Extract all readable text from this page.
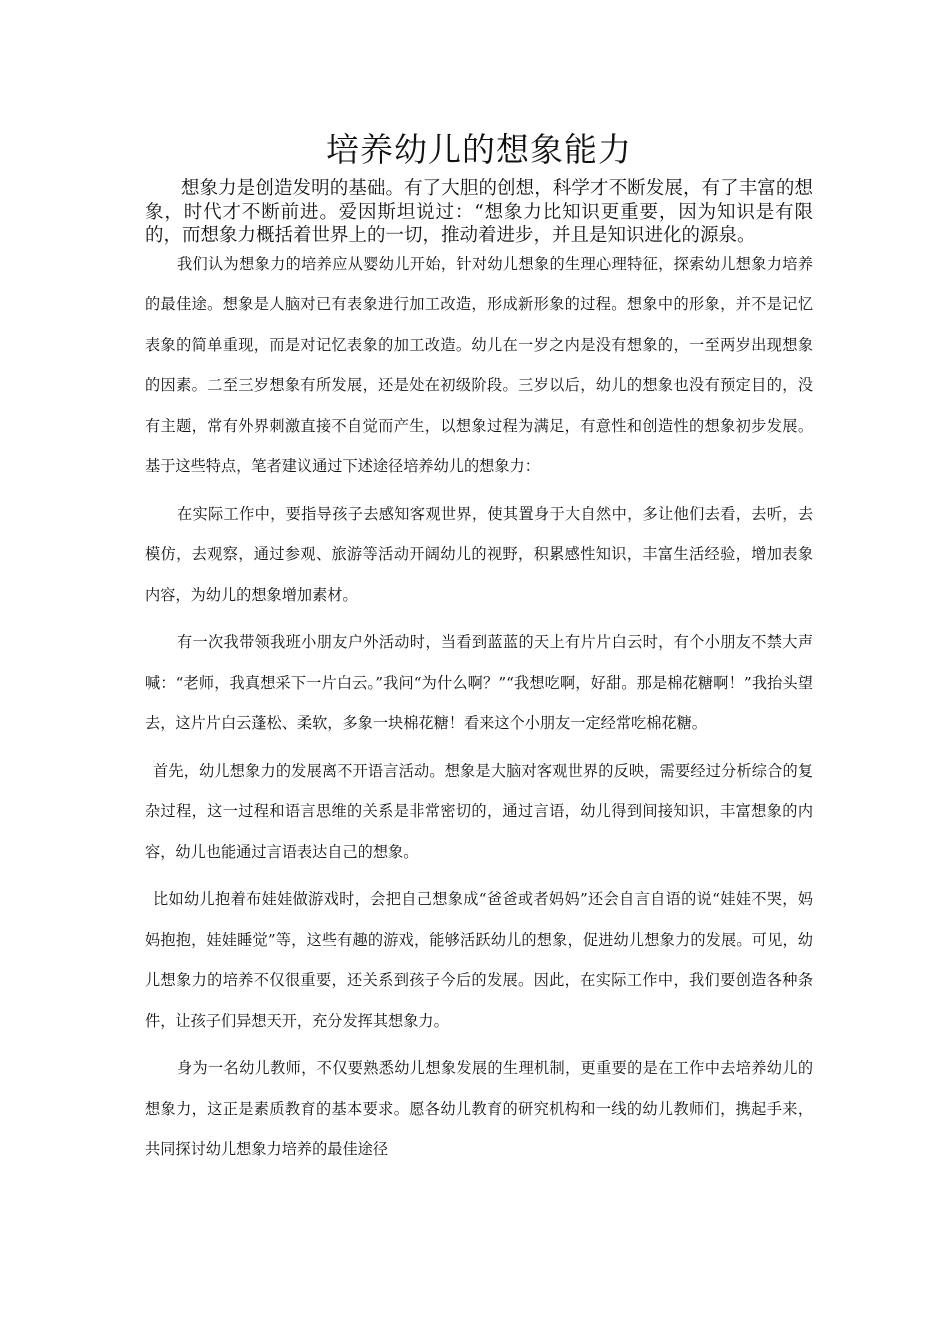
培养幼儿的想象能力

想象力是创造发明的基础。有了大胆的创想，科学才不断发展，有了丰富的想象，时代才不断前进。爱因斯坦说过：“想象力比知识更重要，因为知识是有限的，而想象力概括着世界上的一切，推动着进步，并且是知识进化的源泉。

我们认为想象力的培养应从婴幼儿开始，针对幼儿想象的生理心理特征，探索幼儿想象力培养的最佳途。想象是人脑对已有表象进行加工改造，形成新形象的过程。想象中的形象，并不是记忆表象的简单重现，而是对记忆表象的加工改造。幼儿在一岁之内是没有想象的，一至两岁出现想象的因素。二至三岁想象有所发展，还是处在初级阶段。三岁以后，幼儿的想象也没有预定目的，没有主题，常有外界刺激直接不自觉而产生，以想象过程为满足，有意性和创造性的想象初步发展。基于这些特点，笔者建议通过下述途径培养幼儿的想象力：

在实际工作中，要指导孩子去感知客观世界，使其置身于大自然中，多让他们去看，去听，去模仿，去观察，通过参观、旅游等活动开阔幼儿的视野，积累感性知识，丰富生活经验，增加表象内容，为幼儿的想象增加素材。

有一次我带领我班小朋友户外活动时，当看到蓝蓝的天上有片片白云时，有个小朋友不禁大声喊：“老师，我真想采下一片白云。”我问“为什么啊？”“我想吃啊，好甜。那是棉花糖啊！”我抬头望去，这片片白云蓬松、柔软，多象一块棉花糖！看来这个小朋友一定经常吃棉花糖。

首先，幼儿想象力的发展离不开语言活动。想象是大脑对客观世界的反映，需要经过分析综合的复杂过程，这一过程和语言思维的关系是非常密切的，通过言语，幼儿得到间接知识，丰富想象的内容，幼儿也能通过言语表达自己的想象。

比如幼儿抱着布娃娃做游戏时，会把自己想象成“爸爸或者妈妈”还会自言自语的说“娃娃不哭，妈妈抱抱，娃娃睡觉”等，这些有趣的游戏，能够活跃幼儿的想象，促进幼儿想象力的发展。可见，幼儿想象力的培养不仅很重要，还关系到孩子今后的发展。因此，在实际工作中，我们要创造各种条件，让孩子们异想天开，充分发挥其想象力。

身为一名幼儿教师，不仅要熟悉幼儿想象发展的生理机制，更重要的是在工作中去培养幼儿的想象力，这正是素质教育的基本要求。愿各幼儿教育的研究机构和一线的幼儿教师们，携起手来，共同探讨幼儿想象力培养的最佳途径
